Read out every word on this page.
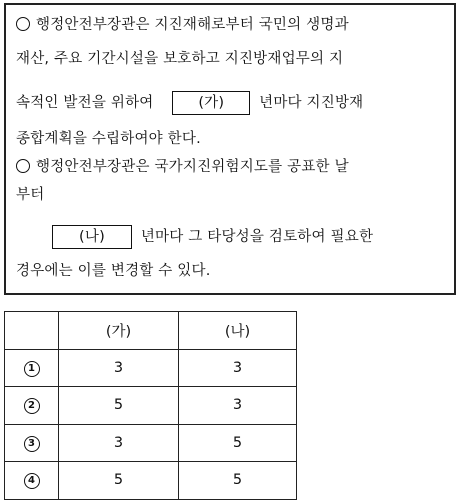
행정안전부장관은 지진재해로부터 국민의 생명과
재산, 주요 기간시설을 보호하고 지진방재업무의 지
속적인 발전을 위하여	(가) 년마다 지진방재
종합계획을 수립하여야 한다.
행정안전부장관은 국가지진위험지도를 공표한 날
부터
(나) 년마다 그 타당성을 검토하여 필요한
경우에는 이를 변경할 수 있다.
	(가)	(나)
1	3	3
2	5	3
3	3	5
4	5	5
